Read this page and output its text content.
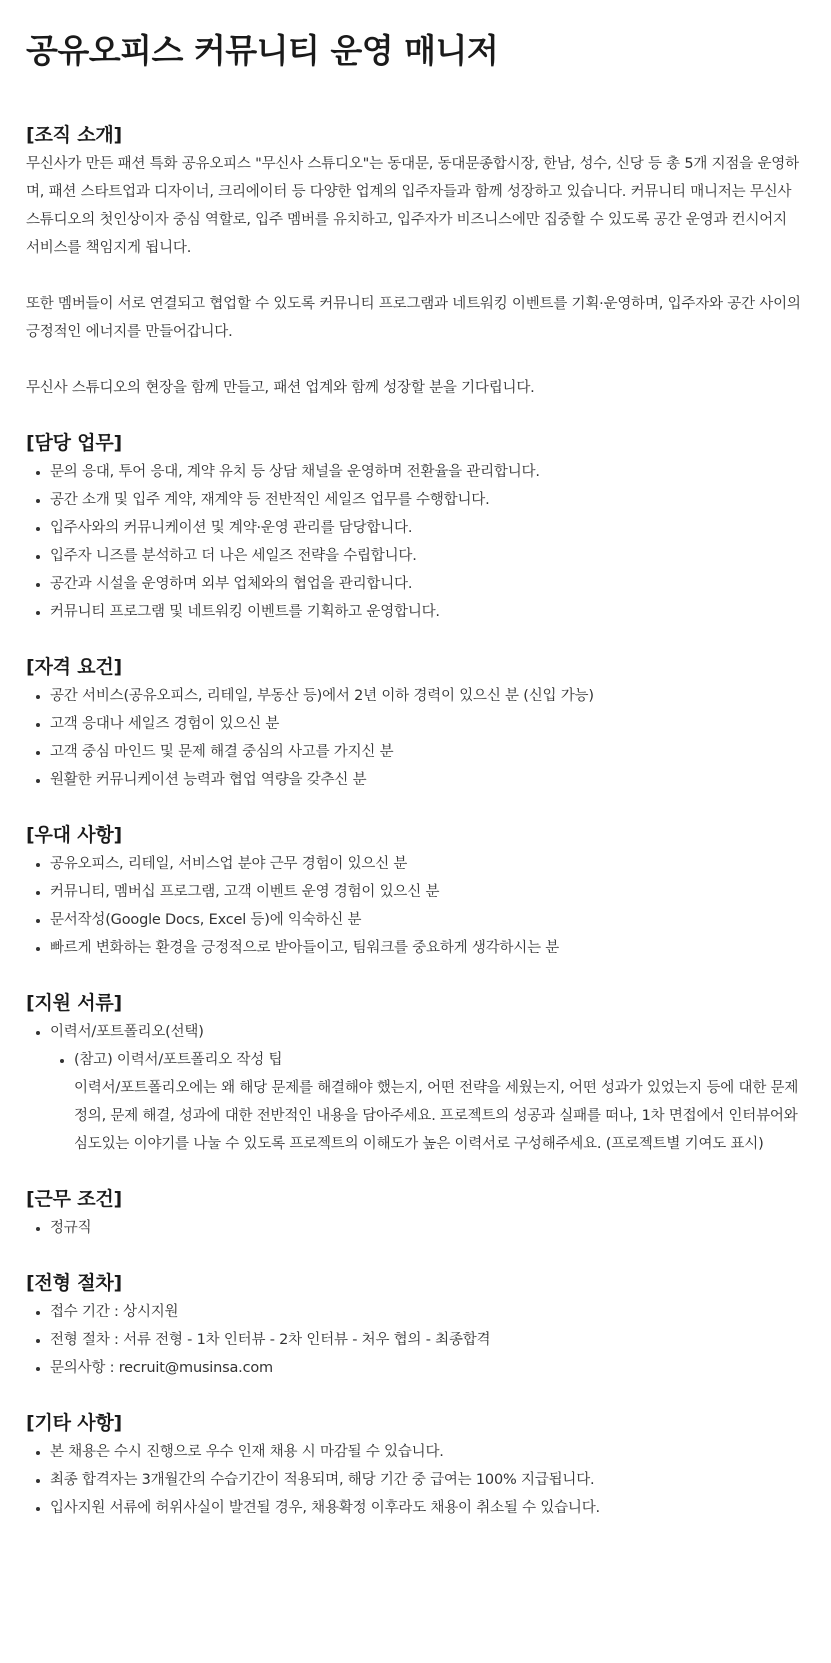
공유오피스 커뮤니티 운영 매니저
[조직 소개]

무신사가 만든 패션 특화 공유오피스 "무신사 스튜디오"는 동대문, 동대문종합시장, 한남, 성수, 신당 등 총 5개 지점을 운영하며, 패션 스타트업과 디자이너, 크리에이터 등 다양한 업계의 입주자들과 함께 성장하고 있습니다. 커뮤니티 매니저는 무신사 스튜디오의 첫인상이자 중심 역할로, 입주 멤버를 유치하고, 입주자가 비즈니스에만 집중할 수 있도록 공간 운영과 컨시어지 서비스를 책임지게 됩니다.

또한 멤버들이 서로 연결되고 협업할 수 있도록 커뮤니티 프로그램과 네트워킹 이벤트를 기획·운영하며, 입주자와 공간 사이의 긍정적인 에너지를 만들어갑니다.

무신사 스튜디오의 현장을 함께 만들고, 패션 업계와 함께 성장할 분을 기다립니다.

[담당 업무]
문의 응대, 투어 응대, 계약 유치 등 상담 채널을 운영하며 전환율을 관리합니다.
공간 소개 및 입주 계약, 재계약 등 전반적인 세일즈 업무를 수행합니다.
입주사와의 커뮤니케이션 및 계약·운영 관리를 담당합니다.
입주자 니즈를 분석하고 더 나은 세일즈 전략을 수립합니다.
공간과 시설을 운영하며 외부 업체와의 협업을 관리합니다.
커뮤니티 프로그램 및 네트워킹 이벤트를 기획하고 운영합니다.
[자격 요건]
공간 서비스(공유오피스, 리테일, 부동산 등)에서 2년 이하 경력이 있으신 분 (신입 가능)
고객 응대나 세일즈 경험이 있으신 분
고객 중심 마인드 및 문제 해결 중심의 사고를 가지신 분
원활한 커뮤니케이션 능력과 협업 역량을 갖추신 분
[우대 사항]
공유오피스, 리테일, 서비스업 분야 근무 경험이 있으신 분
커뮤니티, 멤버십 프로그램, 고객 이벤트 운영 경험이 있으신 분
문서작성(Google Docs, Excel 등)에 익숙하신 분
빠르게 변화하는 환경을 긍정적으로 받아들이고, 팀워크를 중요하게 생각하시는 분
[지원 서류]
이력서/포트폴리오(선택)
(참고) 이력서/포트폴리오 작성 팁
이력서/포트폴리오에는 왜 해당 문제를 해결해야 했는지, 어떤 전략을 세웠는지, 어떤 성과가 있었는지 등에 대한 문제 정의, 문제 해결, 성과에 대한 전반적인 내용을 담아주세요. 프로젝트의 성공과 실패를 떠나, 1차 면접에서 인터뷰어와 심도있는 이야기를 나눌 수 있도록 프로젝트의 이해도가 높은 이력서로 구성해주세요. (프로젝트별 기여도 표시)
[근무 조건]
정규직
[전형 절차]
접수 기간 : 상시지원
전형 절차 : 서류 전형 - 1차 인터뷰 - 2차 인터뷰 - 처우 협의 - 최종합격
문의사항 : recruit@musinsa.com
[기타 사항]
본 채용은 수시 진행으로 우수 인재 채용 시 마감될 수 있습니다.
최종 합격자는 3개월간의 수습기간이 적용되며, 해당 기간 중 급여는 100% 지급됩니다.
입사지원 서류에 허위사실이 발견될 경우, 채용확정 이후라도 채용이 취소될 수 있습니다.
